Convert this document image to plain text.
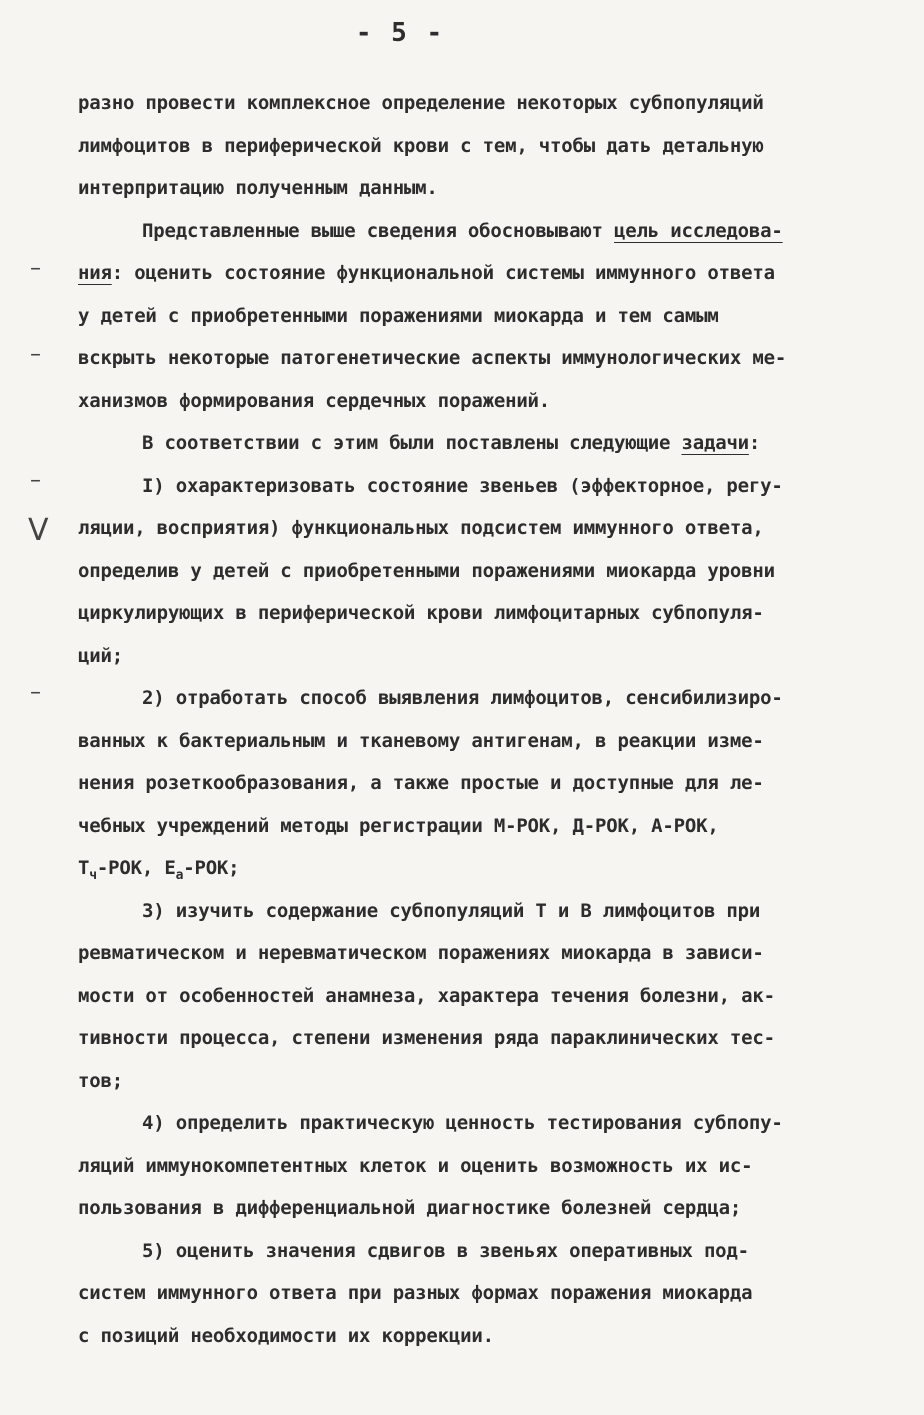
- 5 -
–
–
–
V
–
разно провести комплексное определение некоторых субпопуляций
лимфоцитов в периферической крови с тем, чтобы дать детальную
интерпритацию полученным данным.
Представленные выше сведения обосновывают цель исследова-
ния: оценить состояние функциональной системы иммунного ответа
у детей с приобретенными поражениями миокарда и тем самым
вскрыть некоторые патогенетические аспекты иммунологических ме-
ханизмов формирования сердечных поражений.
В соответствии с этим были поставлены следующие задачи:
I) охарактеризовать состояние звеньев (эффекторное, регу-
ляции, восприятия) функциональных подсистем иммунного ответа,
определив у детей с приобретенными поражениями миокарда уровни
циркулирующих в периферической крови лимфоцитарных субпопуля-
ций;
2) отработать способ выявления лимфоцитов, сенсибилизиро-
ванных к бактериальным и тканевому антигенам, в реакции изме-
нения розеткообразования, а также простые и доступные для ле-
чебных учреждений методы регистрации М-РОК, Д-РОК, А-РОК,
$Т_ч$-РОК, $Е_а$-РОК;
3) изучить содержание субпопуляций Т и В лимфоцитов при
ревматическом и неревматическом поражениях миокарда в зависи-
мости от особенностей анамнеза, характера течения болезни, ак-
тивности процесса, степени изменения ряда параклинических тес-
тов;
4) определить практическую ценность тестирования субпопу-
ляций иммунокомпетентных клеток и оценить возможность их ис-
пользования в дифференциальной диагностике болезней сердца;
5) оценить значения сдвигов в звеньях оперативных под-
систем иммунного ответа при разных формах поражения миокарда
с позиций необходимости их коррекции.
